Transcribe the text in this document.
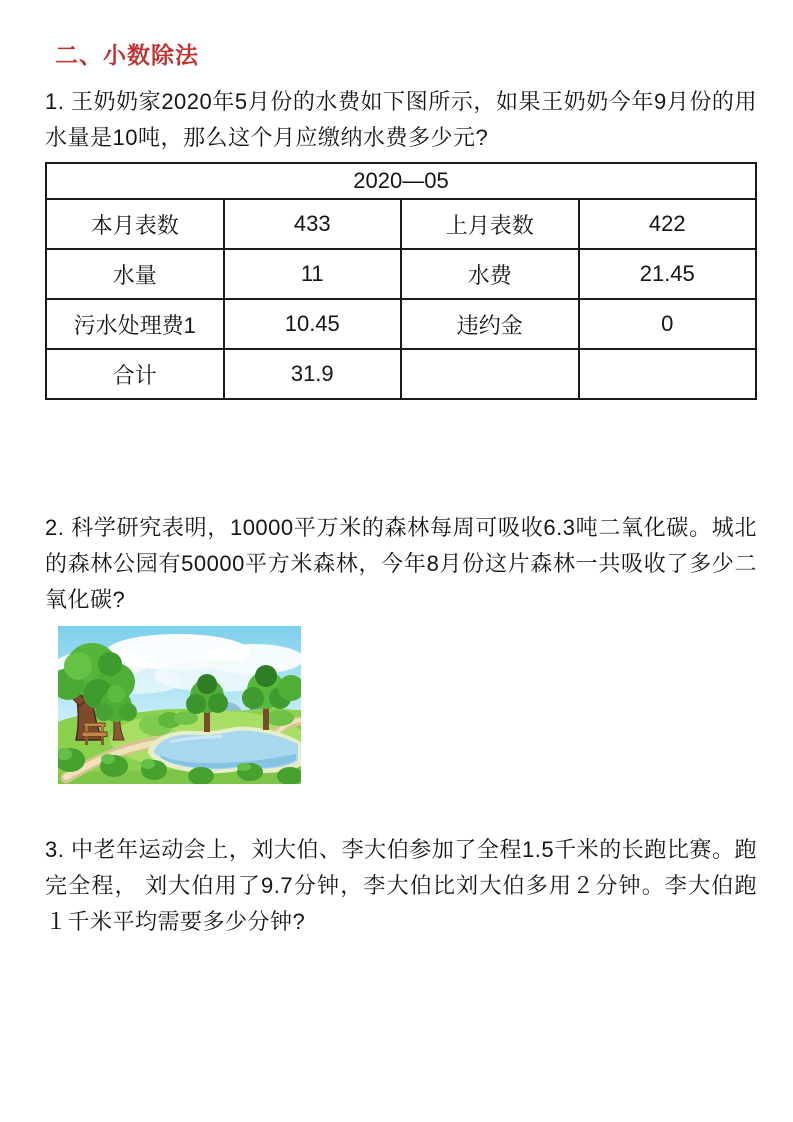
二、小数除法

1. 王奶奶家2020年5月份的水费如下图所示，如果王奶奶今年9月份的用水量是10吨，那么这个月应缴纳水费多少元?

2020—05			
本月表数	433	上月表数	422
水量	11	水费	21.45
污水处理费1	10.45	违约金	0
合计	31.9		

2. 科学研究表明，10000平万米的森林每周可吸收6.3吨二氧化碳。城北的森林公园有50000平方米森林，今年8月份这片森林一共吸收了多少二氧化碳?

3. 中老年运动会上，刘大伯、李大伯参加了全程1.5千米的长跑比赛。跑完全程， 刘大伯用了9.7分钟，李大伯比刘大伯多用２分钟。李大伯跑１千米平均需要多少分钟?
